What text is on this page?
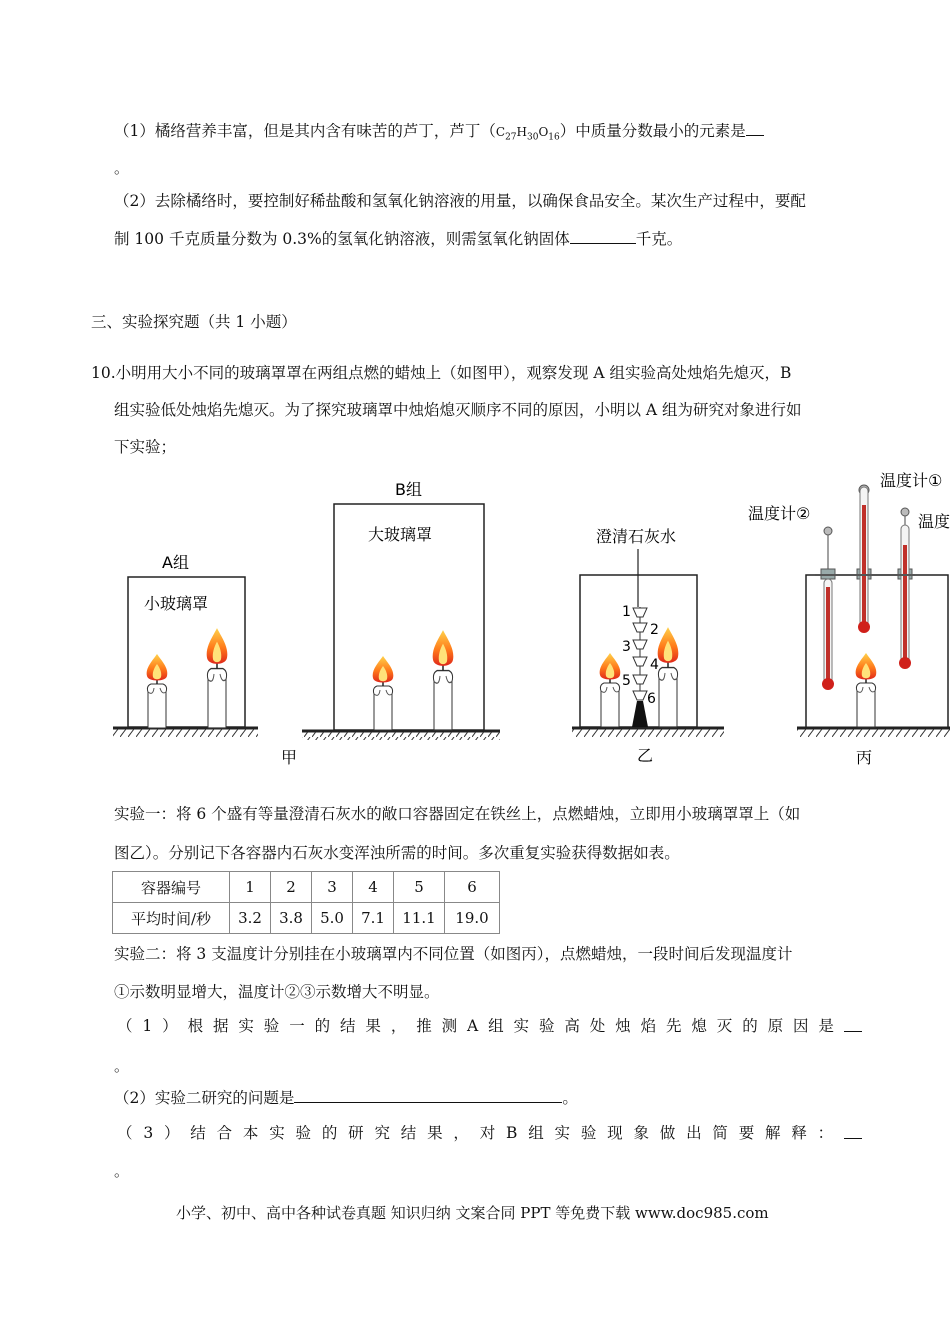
（1）橘络营养丰富，但是其内含有味苦的芦丁，芦丁$(C_{27}H_{30}O_{16})$中质量分数最小的元素是
。
（2）去除橘络时，要控制好稀盐酸和氢氧化钠溶液的用量，以确保食品安全。某次生产过程中，要配
制 100 千克质量分数为 0.3%的氢氧化钠溶液，则需氢氧化钠固体	千克。
三、实验探究题（共 1 小题）
10.小明用大小不同的玻璃罩罩在两组点燃的蜡烛上（如图甲），观察发现 A 组实验高处烛焰先熄灭，B
组实验低处烛焰先熄灭。为了探究玻璃罩中烛焰熄灭顺序不同的原因，小明以 A 组为研究对象进行如
下实验；
A组
小玻璃罩
B组
大玻璃罩
甲
澄清石灰水
1
2
3
4
5
6
乙
温度计①
温度计②	温度
丙
实验一：将 6 个盛有等量澄清石灰水的敞口容器固定在铁丝上，点燃蜡烛，立即用小玻璃罩罩上（如
图乙）。分别记下各容器内石灰水变浑浊所需的时间。多次重复实验获得数据如表。
容器编号	1	2	3	4	5	6
平均时间/秒	3.2	3.8	5.0	7.1	11.1	19.0
实验二：将 3 支温度计分别挂在小玻璃罩内不同位置（如图丙），点燃蜡烛，一段时间后发现温度计
①示数明显增大，温度计②③示数增大不明显。
（ 1 ） 根 据 实 验 一 的 结 果 ， 推 测 A 组 实 验 高 处 烛 焰 先 熄 灭 的 原 因 是
。
（2）实验二研究的问题是	。
（ 3 ） 结 合 本 实 验 的 研 究 结 果 ， 对 B 组 实 验 现 象 做 出 简 要 解 释 ：
。
小学、初中、高中各种试卷真题 知识归纳 文案合同 PPT 等免费下载 www.doc985.com
